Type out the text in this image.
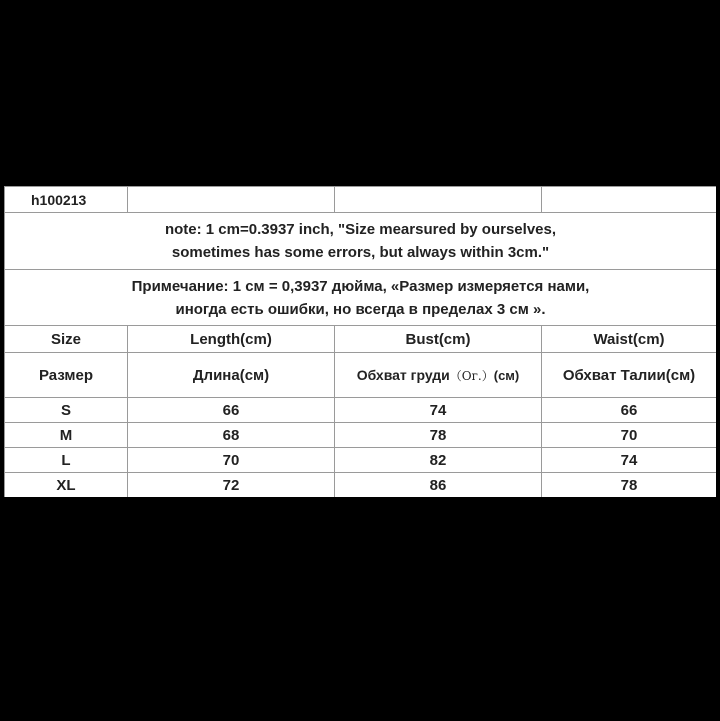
h100213			

note: 1 cm=0.3937 inch, "Size mearsured by ourselves,
sometimes has some errors, but always within 3cm."			

Примечание: 1 см = 0,3937 дюйма, «Размер измеряется нами,
иногда есть ошибки, но всегда в пределах 3 см ».			

Size	Length(cm)	Bust(cm)	Waist(cm)
Размер	Длина(см)	Обхват груди（Ог.）(см)	Обхват Талии(см)
S	66	74	66
M	68	78	70
L	70	82	74
XL	72	86	78
